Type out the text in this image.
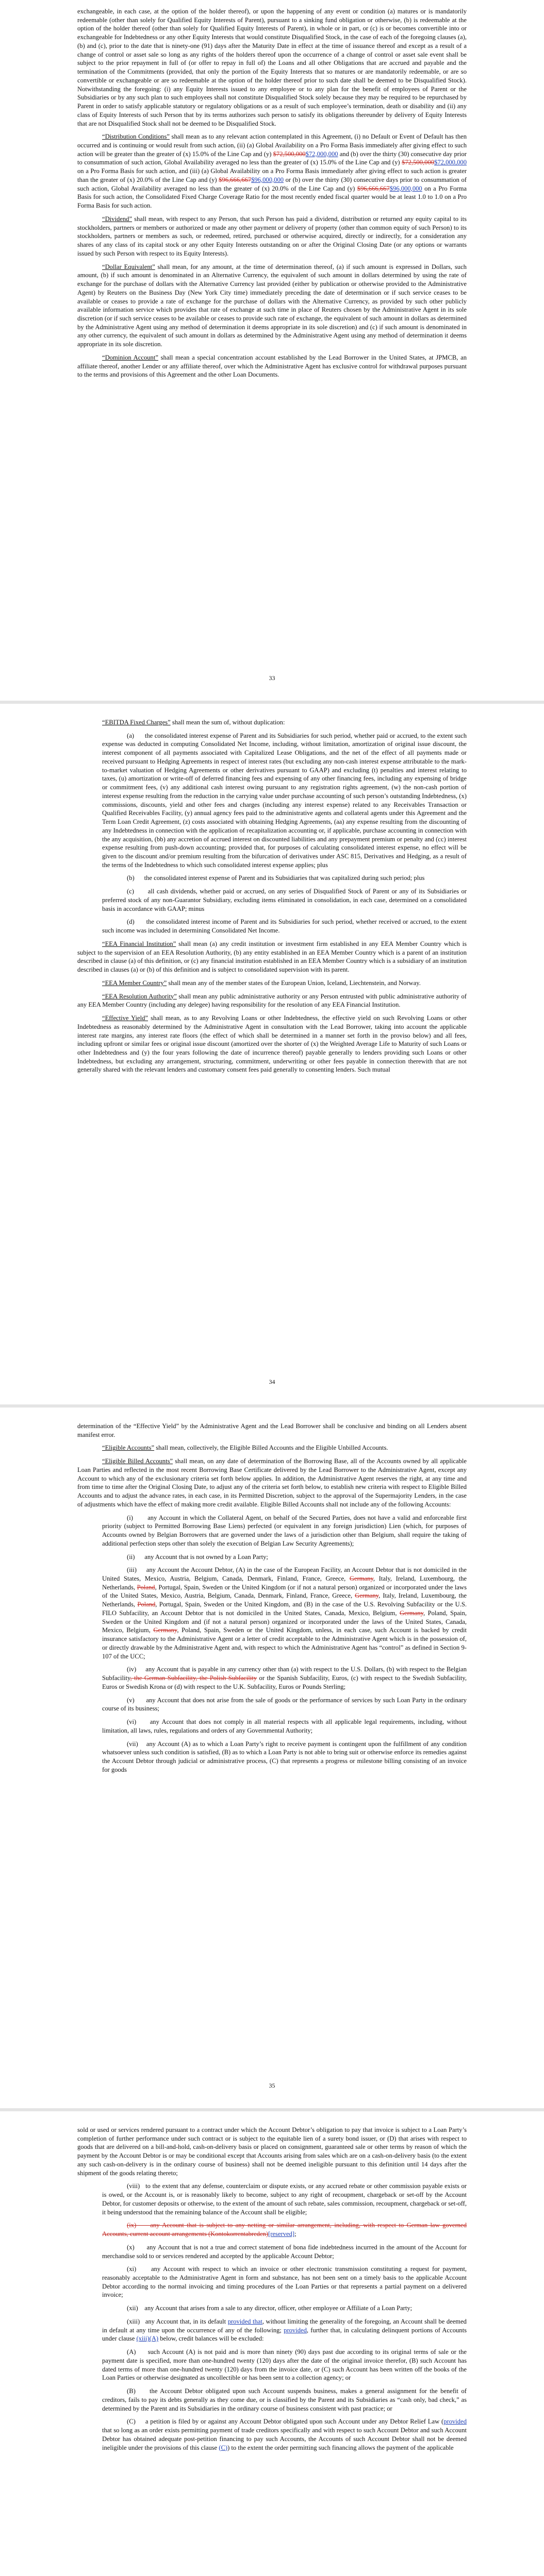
exchangeable, in each case, at the option of the holder thereof), or upon the happening of any event or condition (a) matures or is mandatorily redeemable (other than solely for Qualified Equity Interests of Parent), pursuant to a sinking fund obligation or otherwise, (b) is redeemable at the option of the holder thereof (other than solely for Qualified Equity Interests of Parent), in whole or in part, or (c) is or becomes convertible into or exchangeable for Indebtedness or any other Equity Interests that would constitute Disqualified Stock, in the case of each of the foregoing clauses (a), (b) and (c), prior to the date that is ninety-one (91) days after the Maturity Date in effect at the time of issuance thereof and except as a result of a change of control or asset sale so long as any rights of the holders thereof upon the occurrence of a change of control or asset sale event shall be subject to the prior repayment in full of (or offer to repay in full of) the Loans and all other Obligations that are accrued and payable and the termination of the Commitments (provided, that only the portion of the Equity Interests that so matures or are mandatorily redeemable, or are so convertible or exchangeable or are so redeemable at the option of the holder thereof prior to such date shall be deemed to be Disqualified Stock). Notwithstanding the foregoing: (i) any Equity Interests issued to any employee or to any plan for the benefit of employees of Parent or the Subsidiaries or by any such plan to such employees shall not constitute Disqualified Stock solely because they may be required to be repurchased by Parent in order to satisfy applicable statutory or regulatory obligations or as a result of such employee’s termination, death or disability and (ii) any class of Equity Interests of such Person that by its terms authorizes such person to satisfy its obligations thereunder by delivery of Equity Interests that are not Disqualified Stock shall not be deemed to be Disqualified Stock.

“Distribution Conditions” shall mean as to any relevant action contemplated in this Agreement, (i) no Default or Event of Default has then occurred and is continuing or would result from such action, (ii) (a) Global Availability on a Pro Forma Basis immediately after giving effect to such action will be greater than the greater of (x) 15.0% of the Line Cap and (y) $72,500,000$72,000,000 and (b) over the thirty (30) consecutive day prior to consummation of such action, Global Availability averaged no less than the greater of (x) 15.0% of the Line Cap and (y) $72,500,000$72,000,000 on a Pro Forma Basis for such action, and (iii) (a) Global Availability on a Pro Forma Basis immediately after giving effect to such action is greater than the greater of (x) 20.0% of the Line Cap and (y) $96,666,667$96,000,000 or (b) over the thirty (30) consecutive days prior to consummation of such action, Global Availability averaged no less than the greater of (x) 20.0% of the Line Cap and (y) $96,666,667$96,000,000 on a Pro Forma Basis for such action, the Consolidated Fixed Charge Coverage Ratio for the most recently ended fiscal quarter would be at least 1.0 to 1.0 on a Pro Forma Basis for such action.

“Dividend” shall mean, with respect to any Person, that such Person has paid a dividend, distribution or returned any equity capital to its stockholders, partners or members or authorized or made any other payment or delivery of property (other than common equity of such Person) to its stockholders, partners or members as such, or redeemed, retired, purchased or otherwise acquired, directly or indirectly, for a consideration any shares of any class of its capital stock or any other Equity Interests outstanding on or after the Original Closing Date (or any options or warrants issued by such Person with respect to its Equity Interests).

“Dollar Equivalent” shall mean, for any amount, at the time of determination thereof, (a) if such amount is expressed in Dollars, such amount, (b) if such amount is denominated in an Alternative Currency, the equivalent of such amount in dollars determined by using the rate of exchange for the purchase of dollars with the Alternative Currency last provided (either by publication or otherwise provided to the Administrative Agent) by Reuters on the Business Day (New York City time) immediately preceding the date of determination or if such service ceases to be available or ceases to provide a rate of exchange for the purchase of dollars with the Alternative Currency, as provided by such other publicly available information service which provides that rate of exchange at such time in place of Reuters chosen by the Administrative Agent in its sole discretion (or if such service ceases to be available or ceases to provide such rate of exchange, the equivalent of such amount in dollars as determined by the Administrative Agent using any method of determination it deems appropriate in its sole discretion) and (c) if such amount is denominated in any other currency, the equivalent of such amount in dollars as determined by the Administrative Agent using any method of determination it deems appropriate in its sole discretion.

“Dominion Account” shall mean a special concentration account established by the Lead Borrower in the United States, at JPMCB, an affiliate thereof, another Lender or any affiliate thereof, over which the Administrative Agent has exclusive control for withdrawal purposes pursuant to the terms and provisions of this Agreement and the other Loan Documents.

33

“EBITDA Fixed Charges” shall mean the sum of, without duplication:

(a)      the consolidated interest expense of Parent and its Subsidiaries for such period, whether paid or accrued, to the extent such expense was deducted in computing Consolidated Net Income, including, without limitation, amortization of original issue discount, the interest component of all payments associated with Capitalized Lease Obligations, and the net of the effect of all payments made or received pursuant to Hedging Agreements in respect of interest rates (but excluding any non-cash interest expense attributable to the mark-to-market valuation of Hedging Agreements or other derivatives pursuant to GAAP) and excluding (t) penalties and interest relating to taxes, (u) amortization or write-off of deferred financing fees and expensing of any other financing fees, including any expensing of bridge or commitment fees, (v) any additional cash interest owing pursuant to any registration rights agreement, (w) the non-cash portion of interest expense resulting from the reduction in the carrying value under purchase accounting of such person’s outstanding Indebtedness, (x) commissions, discounts, yield and other fees and charges (including any interest expense) related to any Receivables Transaction or Qualified Receivables Facility, (y) annual agency fees paid to the administrative agents and collateral agents under this Agreement and the Term Loan Credit Agreement, (z) costs associated with obtaining Hedging Agreements, (aa) any expense resulting from the discounting of any Indebtedness in connection with the application of recapitalization accounting or, if applicable, purchase accounting in connection with the any acquisition, (bb) any accretion of accrued interest on discounted liabilities and any prepayment premium or penalty and (cc) interest expense resulting from push-down accounting; provided that, for purposes of calculating consolidated interest expense, no effect will be given to the discount and/or premium resulting from the bifurcation of derivatives under ASC 815, Derivatives and Hedging, as a result of the terms of the Indebtedness to which such consolidated interest expense applies; plus

(b)      the consolidated interest expense of Parent and its Subsidiaries that was capitalized during such period; plus

(c)      all cash dividends, whether paid or accrued, on any series of Disqualified Stock of Parent or any of its Subsidiaries or preferred stock of any non-Guarantor Subsidiary, excluding items eliminated in consolidation, in each case, determined on a consolidated basis in accordance with GAAP; minus

(d)      the consolidated interest income of Parent and its Subsidiaries for such period, whether received or accrued, to the extent such income was included in determining Consolidated Net Income.

“EEA Financial Institution” shall mean (a) any credit institution or investment firm established in any EEA Member Country which is subject to the supervision of an EEA Resolution Authority, (b) any entity established in an EEA Member Country which is a parent of an institution described in clause (a) of this definition, or (c) any financial institution established in an EEA Member Country which is a subsidiary of an institution described in clauses (a) or (b) of this definition and is subject to consolidated supervision with its parent.

“EEA Member Country” shall mean any of the member states of the European Union, Iceland, Liechtenstein, and Norway.

“EEA Resolution Authority” shall mean any public administrative authority or any Person entrusted with public administrative authority of any EEA Member Country (including any delegee) having responsibility for the resolution of any EEA Financial Institution.

“Effective Yield” shall mean, as to any Revolving Loans or other Indebtedness, the effective yield on such Revolving Loans or other Indebtedness as reasonably determined by the Administrative Agent in consultation with the Lead Borrower, taking into account the applicable interest rate margins, any interest rate floors (the effect of which shall be determined in a manner set forth in the proviso below) and all fees, including upfront or similar fees or original issue discount (amortized over the shorter of (x) the Weighted Average Life to Maturity of such Loans or other Indebtedness and (y) the four years following the date of incurrence thereof) payable generally to lenders providing such Loans or other Indebtedness, but excluding any arrangement, structuring, commitment, underwriting or other fees payable in connection therewith that are not generally shared with the relevant lenders and customary consent fees paid generally to consenting lenders. Such mutual

34

determination of the “Effective Yield” by the Administrative Agent and the Lead Borrower shall be conclusive and binding on all Lenders absent manifest error.

“Eligible Accounts” shall mean, collectively, the Eligible Billed Accounts and the Eligible Unbilled Accounts.

“Eligible Billed Accounts” shall mean, on any date of determination of the Borrowing Base, all of the Accounts owned by all applicable Loan Parties and reflected in the most recent Borrowing Base Certificate delivered by the Lead Borrower to the Administrative Agent, except any Account to which any of the exclusionary criteria set forth below applies. In addition, the Administrative Agent reserves the right, at any time and from time to time after the Original Closing Date, to adjust any of the criteria set forth below, to establish new criteria with respect to Eligible Billed Accounts and to adjust the advance rates, in each case, in its Permitted Discretion, subject to the approval of the Supermajority Lenders, in the case of adjustments which have the effect of making more credit available. Eligible Billed Accounts shall not include any of the following Accounts:

(i)       any Account in which the Collateral Agent, on behalf of the Secured Parties, does not have a valid and enforceable first priority (subject to Permitted Borrowing Base Liens) perfected (or equivalent in any foreign jurisdiction) Lien (which, for purposes of Accounts owned by Belgian Borrowers that are governed under the laws of a jurisdiction other than Belgium, shall require the taking of additional perfection steps other than solely the execution of Belgian Law Security Agreements);

(ii)      any Account that is not owned by a Loan Party;

(iii)     any Account the Account Debtor, (A) in the case of the European Facility, an Account Debtor that is not domiciled in the United States, Mexico, Austria, Belgium, Canada, Denmark, Finland, France, Greece, Germany, Italy, Ireland, Luxembourg, the Netherlands, Poland, Portugal, Spain, Sweden or the United Kingdom (or if not a natural person) organized or incorporated under the laws of the United States, Mexico, Austria, Belgium, Canada, Denmark, Finland, France, Greece, Germany, Italy, Ireland, Luxembourg, the Netherlands, Poland, Portugal, Spain, Sweden or the United Kingdom, and (B) in the case of the U.S. Revolving Subfacility or the U.S. FILO Subfacility, an Account Debtor that is not domiciled in the United States, Canada, Mexico, Belgium, Germany, Poland, Spain, Sweden or the United Kingdom and (if not a natural person) organized or incorporated under the laws of the United States, Canada, Mexico, Belgium, Germany, Poland, Spain, Sweden or the United Kingdom, unless, in each case, such Account is backed by credit insurance satisfactory to the Administrative Agent or a letter of credit acceptable to the Administrative Agent which is in the possession of, or directly drawable by the Administrative Agent and, with respect to which the Administrative Agent has “control” as defined in Section 9-107 of the UCC;

(iv)     any Account that is payable in any currency other than (a) with respect to the U.S. Dollars, (b) with respect to the Belgian Subfacility, the German Subfacility, the Polish Subfacility or the Spanish Subfacility, Euros, (c) with respect to the Swedish Subfacility, Euros or Swedish Krona or (d) with respect to the U.K. Subfacility, Euros or Pounds Sterling;

(v)      any Account that does not arise from the sale of goods or the performance of services by such Loan Party in the ordinary course of its business;

(vi)     any Account that does not comply in all material respects with all applicable legal requirements, including, without limitation, all laws, rules, regulations and orders of any Governmental Authority;

(vii)    any Account (A) as to which a Loan Party’s right to receive payment is contingent upon the fulfillment of any condition whatsoever unless such condition is satisfied, (B) as to which a Loan Party is not able to bring suit or otherwise enforce its remedies against the Account Debtor through judicial or administrative process, (C) that represents a progress or milestone billing consisting of an invoice for goods

35

sold or used or services rendered pursuant to a contract under which the Account Debtor’s obligation to pay that invoice is subject to a Loan Party’s completion of further performance under such contract or is subject to the equitable lien of a surety bond issuer, or (D) that arises with respect to goods that are delivered on a bill-and-hold, cash-on-delivery basis or placed on consignment, guaranteed sale or other terms by reason of which the payment by the Account Debtor is or may be conditional except that Accounts arising from sales which are on a cash-on-delivery basis (to the extent any such cash-on-delivery is in the ordinary course of business) shall not be deemed ineligible pursuant to this definition until 14 days after the shipment of the goods relating thereto;

(viii)   to the extent that any defense, counterclaim or dispute exists, or any accrued rebate or other commission payable exists or is owed, or the Account is, or is reasonably likely to become, subject to any right of recoupment, chargeback or set-off by the Account Debtor, for customer deposits or otherwise, to the extent of the amount of such rebate, sales commission, recoupment, chargeback or set-off, it being understood that the remaining balance of the Account shall be eligible;

(ix)     any Account that is subject to any netting or similar arrangement, including, with respect to German law governed Accounts, current account arrangements (Kontokorrentabreden)[reserved];

(x)      any Account that is not a true and correct statement of bona fide indebtedness incurred in the amount of the Account for merchandise sold to or services rendered and accepted by the applicable Account Debtor;

(xi)     any Account with respect to which an invoice or other electronic transmission constituting a request for payment, reasonably acceptable to the Administrative Agent in form and substance, has not been sent on a timely basis to the applicable Account Debtor according to the normal invoicing and timing procedures of the Loan Parties or that represents a partial payment on a delivered invoice;

(xii)    any Account that arises from a sale to any director, officer, other employee or Affiliate of a Loan Party;

(xiii)   any Account that, in its default provided that, without limiting the generality of the foregoing, an Account shall be deemed in default at any time upon the occurrence of any of the following; provided, further that, in calculating delinquent portions of Accounts under clause (xiii)(A) below, credit balances will be excluded:

(A)     such Account (A) is not paid and is more than ninety (90) days past due according to its original terms of sale or the payment date is specified, more than one-hundred twenty (120) days after the date of the original invoice therefor, (B) such Account has dated terms of more than one-hundred twenty (120) days from the invoice date, or (C) such Account has been written off the books of the Loan Parties or otherwise designated as uncollectible or has been sent to a collection agency; or

(B)     the Account Debtor obligated upon such Account suspends business, makes a general assignment for the benefit of creditors, fails to pay its debts generally as they come due, or is classified by the Parent and its Subsidiaries as “cash only, bad check,” as determined by the Parent and its Subsidiaries in the ordinary course of business consistent with past practice; or

(C)     a petition is filed by or against any Account Debtor obligated upon such Account under any Debtor Relief Law (provided that so long as an order exists permitting payment of trade creditors specifically and with respect to such Account Debtor and such Account Debtor has obtained adequate post-petition financing to pay such Accounts, the Accounts of such Account Debtor shall not be deemed ineligible under the provisions of this clause (C)) to the extent the order permitting such financing allows the payment of the applicable
